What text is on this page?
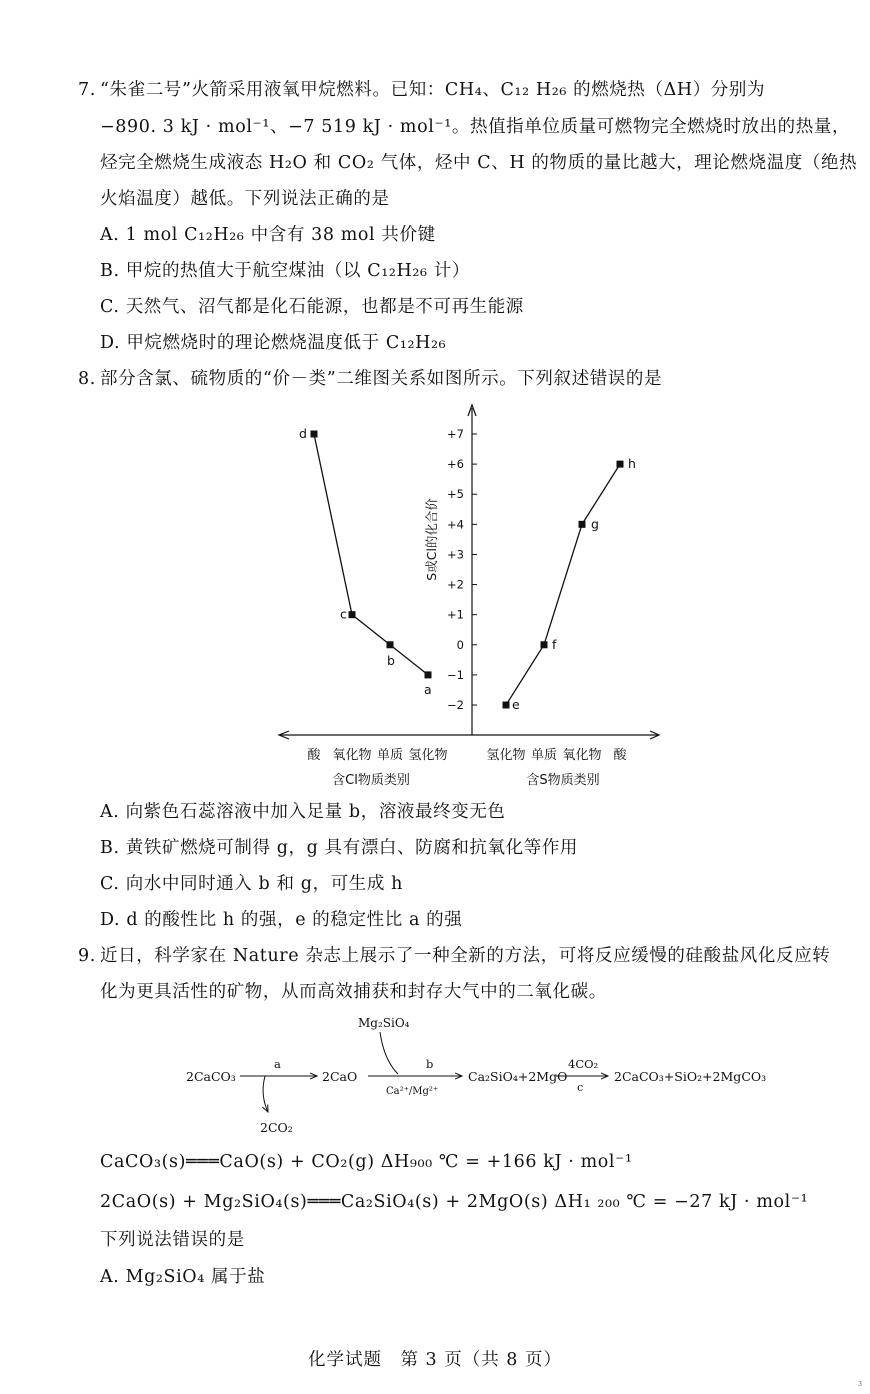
7. “朱雀二号”火箭采用液氧甲烷燃料。已知：CH₄、C₁₂ H₂₆ 的燃烧热（ΔH）分别为
−890. 3 kJ · mol⁻¹、−7 519 kJ · mol⁻¹。热值指单位质量可燃物完全燃烧时放出的热量，
烃完全燃烧生成液态 H₂O 和 CO₂ 气体，烃中 C、H 的物质的量比越大，理论燃烧温度（绝热
火焰温度）越低。下列说法正确的是
A. 1 mol C₁₂H₂₆ 中含有 38 mol 共价键
B. 甲烷的热值大于航空煤油（以 C₁₂H₂₆ 计）
C. 天然气、沼气都是化石能源，也都是不可再生能源
D. 甲烷燃烧时的理论燃烧温度低于 C₁₂H₂₆
8. 部分含氯、硫物质的“价－类”二维图关系如图所示。下列叙述错误的是
S或Cl的化合价
+7
+6
+5
+4
+3
+2
+1
0
−1
−2
d
c
b
a
e
f
g
h
酸 氧化物 单质 氢化物
含Cl物质类别
氢化物 单质 氧化物 酸
含S物质类别
A. 向紫色石蕊溶液中加入足量 b，溶液最终变无色
B. 黄铁矿燃烧可制得 g，g 具有漂白、防腐和抗氧化等作用
C. 向水中同时通入 b 和 g，可生成 h
D. d 的酸性比 h 的强，e 的稳定性比 a 的强
9. 近日，科学家在 Nature 杂志上展示了一种全新的方法，可将反应缓慢的硅酸盐风化反应转
化为更具活性的矿物，从而高效捕获和封存大气中的二氧化碳。
2CaCO₃
a
2CO₂
2CaO
Mg₂SiO₄
b
Ca²⁺/Mg²⁺
Ca₂SiO₄+2MgO
4CO₂
c
2CaCO₃+SiO₂+2MgCO₃
CaCO₃(s)═══CaO(s) + CO₂(g) ΔH₉₀₀ ℃ = +166 kJ · mol⁻¹
2CaO(s) + Mg₂SiO₄(s)═══Ca₂SiO₄(s) + 2MgO(s) ΔH₁ ₂₀₀ ℃ = −27 kJ · mol⁻¹
下列说法错误的是
A. Mg₂SiO₄ 属于盐
化学试题　第 3 页（共 8 页）
3
